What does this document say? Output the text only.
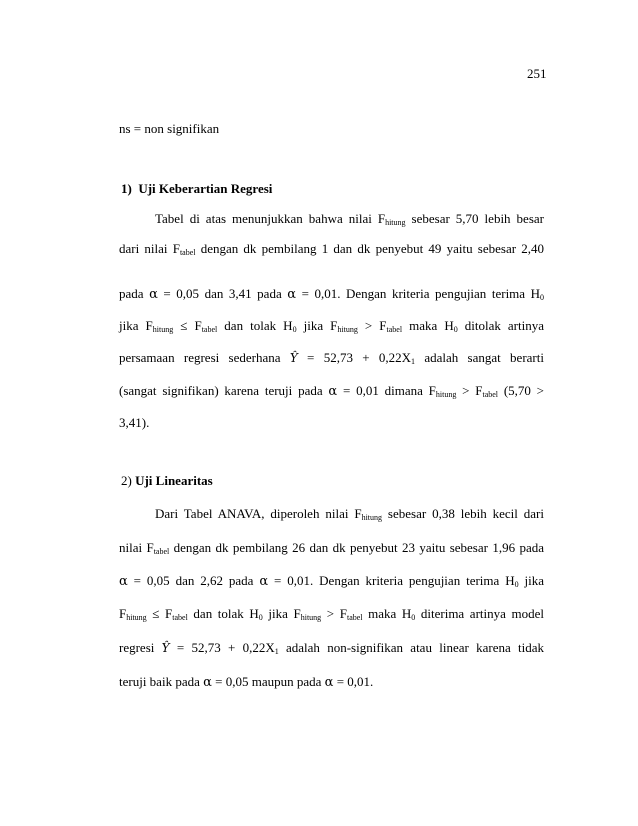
251
ns = non signifikan
1) Uji Keberartian Regresi
Tabel di atas menunjukkan bahwa nilai $F_{hitung}$ sebesar 5,70 lebih besar
dari nilai $F_{tabel}$ dengan dk pembilang 1 dan dk penyebut 49 yaitu sebesar 2,40
pada α = 0,05 dan 3,41 pada α = 0,01. Dengan kriteria pengujian terima $H_0$
jika $F_{hitung} \le F_{tabel}$ dan tolak $H_0$ jika $F_{hitung} > F_{tabel}$ maka $H_0$ ditolak artinya
persamaan regresi sederhana Ŷ = $52,73 + 0,22X_1$ adalah sangat berarti
(sangat signifikan) karena teruji pada α = 0,01 dimana $F_{hitung} > F_{tabel}$ (5,70 >
3,41).
2) Uji Linearitas
Dari Tabel ANAVA, diperoleh nilai $F_{hitung}$ sebesar 0,38 lebih kecil dari
nilai $F_{tabel}$ dengan dk pembilang 26 dan dk penyebut 23 yaitu sebesar 1,96 pada
α = 0,05 dan 2,62 pada α = 0,01. Dengan kriteria pengujian terima $H_0$ jika
$F_{hitung} \le F_{tabel}$ dan tolak $H_0$ jika $F_{hitung} > F_{tabel}$ maka $H_0$ diterima artinya model
regresi Ŷ = $52,73 + 0,22X_1$ adalah non-signifikan atau linear karena tidak
teruji baik pada α = 0,05 maupun pada α = 0,01.
